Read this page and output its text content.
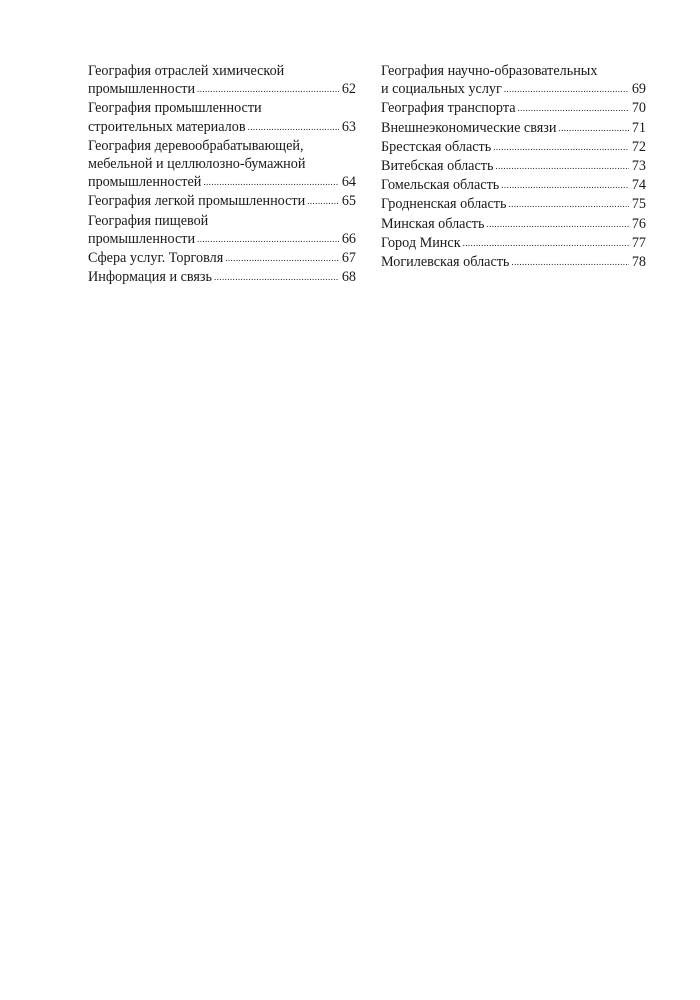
География отраслей химической
промышленности .....	62
География промышленности
строительных материалов .....	63
География деревообрабатывающей,
мебельной и целлюлозно-бумажной
промышленностей .....	64
География легкой промышленности .....	65
География пищевой
промышленности .....	66
Сфера услуг. Торговля .....	67
Информация и связь .....	68
География научно-образовательных
и социальных услуг .....	69
География транспорта .....	70
Внешнеэкономические связи .....	71
Брестская область .....	72
Витебская область .....	73
Гомельская область .....	74
Гродненская область .....	75
Минская область .....	76
Город Минск .....	77
Могилевская область .....	78
